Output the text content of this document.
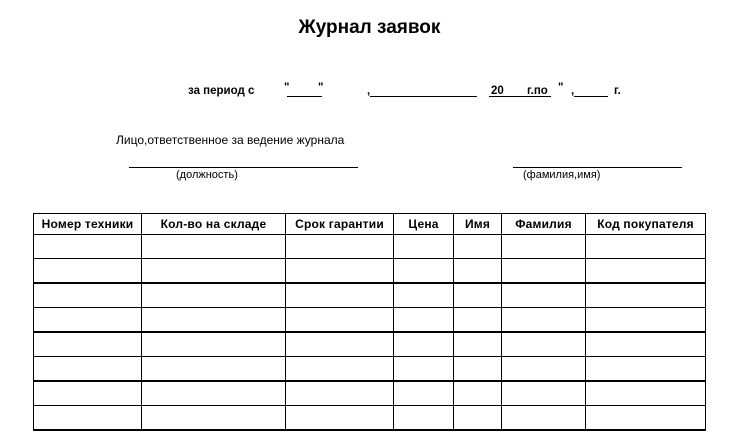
Журнал заявок
за период с	" "	,	20 г.по " ,	г.
Лицо,ответственное за ведение журнала
(должность)	(фамилия,имя)
Номер техники	Кол-во на складе	Срок гарантии	Цена	Имя	Фамилия	Код покупателя
